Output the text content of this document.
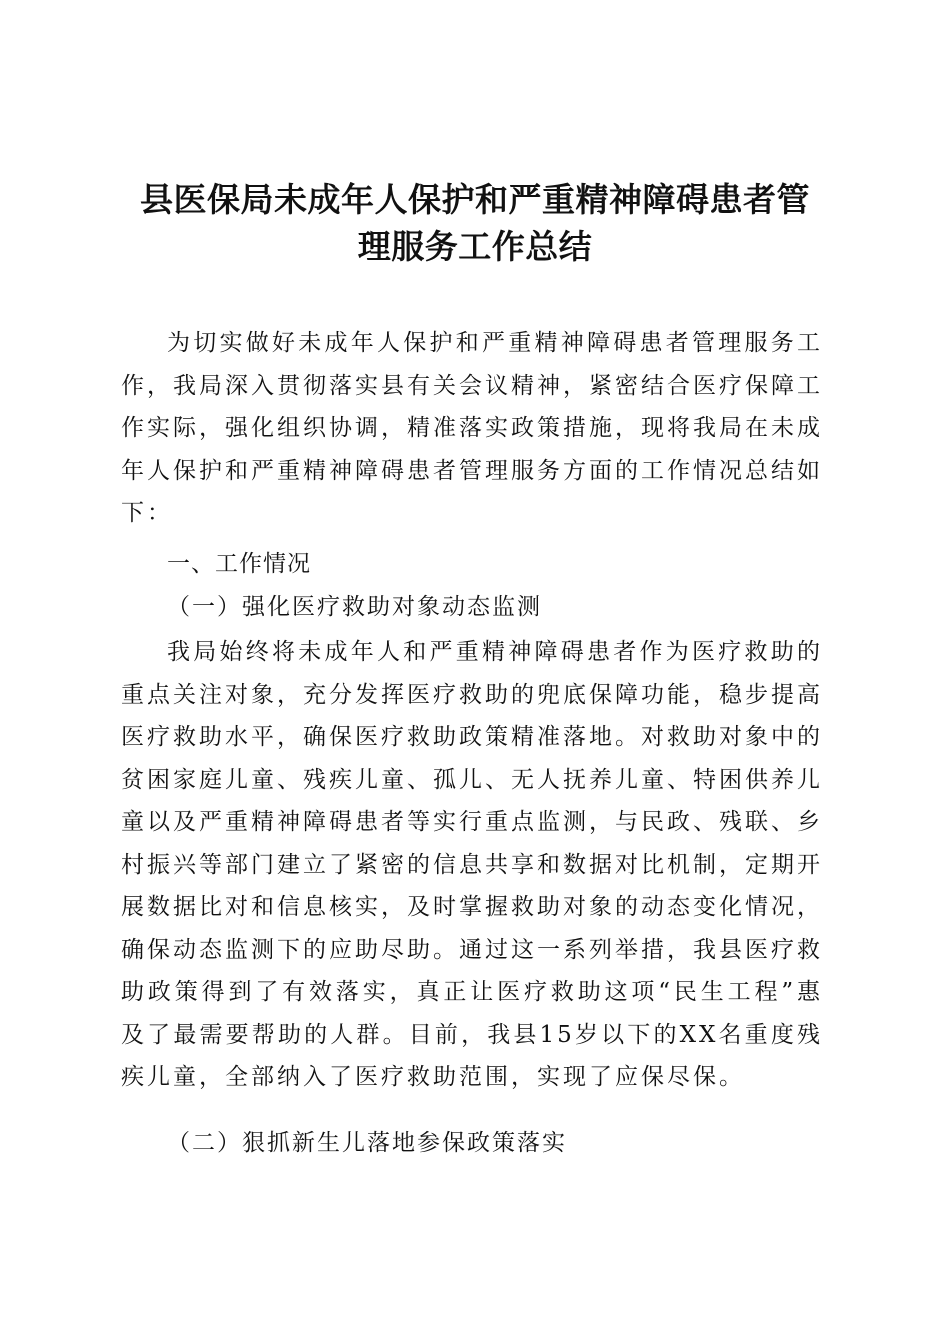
县医保局未成年人保护和严重精神障碍患者管
理服务工作总结

为切实做好未成年人保护和严重精神障碍患者管理服务工作，我局深入贯彻落实县有关会议精神，紧密结合医疗保障工作实际，强化组织协调，精准落实政策措施，现将我局在未成年人保护和严重精神障碍患者管理服务方面的工作情况总结如下：

一、工作情况

（一）强化医疗救助对象动态监测

我局始终将未成年人和严重精神障碍患者作为医疗救助的重点关注对象，充分发挥医疗救助的兜底保障功能，稳步提高医疗救助水平，确保医疗救助政策精准落地。对救助对象中的贫困家庭儿童、残疾儿童、孤儿、无人抚养儿童、特困供养儿童以及严重精神障碍患者等实行重点监测，与民政、残联、乡村振兴等部门建立了紧密的信息共享和数据对比机制，定期开展数据比对和信息核实，及时掌握救助对象的动态变化情况，确保动态监测下的应助尽助。通过这一系列举措，我县医疗救助政策得到了有效落实，真正让医疗救助这项“民生工程”惠及了最需要帮助的人群。目前，我县15岁以下的XX名重度残疾儿童，全部纳入了医疗救助范围，实现了应保尽保。

（二）狠抓新生儿落地参保政策落实
